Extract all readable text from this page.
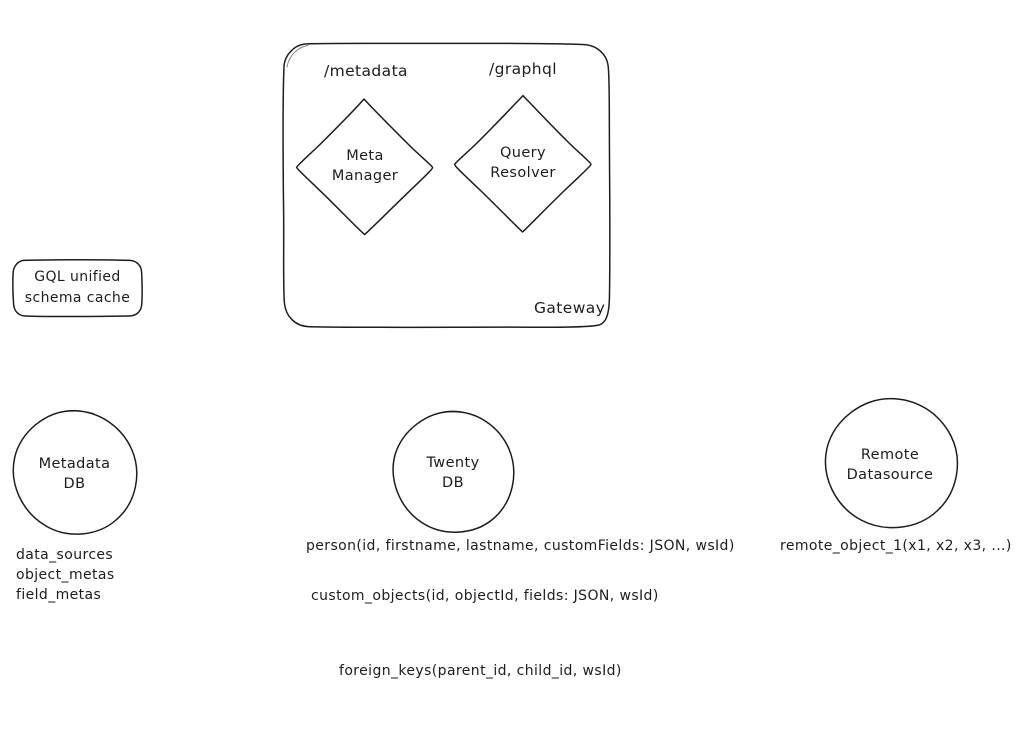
/metadata	/graphql
Gateway
Meta
Manager
Query
Resolver
GQL unified
schema cache
Metadata
DB
Twenty
DB
Remote
Datasource
data_sources
object_metas
field_metas
person(id, firstname, lastname, customFields: JSON, wsId)
custom_objects(id, objectId, fields: JSON, wsId)
foreign_keys(parent_id, child_id, wsId)
remote_object_1(x1, x2, x3, ...)
